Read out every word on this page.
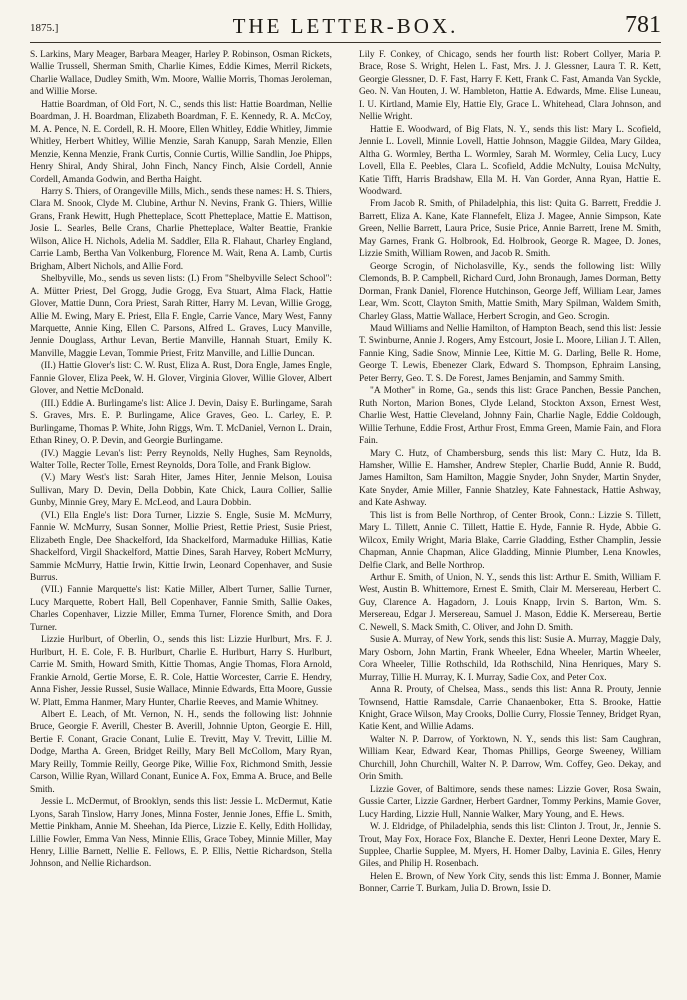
1875.]	THE LETTER-BOX.	781

S. Larkins, Mary Meager, Barbara Meager, Harley P. Robinson, Osman Rickets, Wallie Trussell, Sherman Smith, Charlie Kimes, Eddie Kimes, Merril Rickets, Charlie Wallace, Dudley Smith, Wm. Moore, Wallie Morris, Thomas Jeroleman, and Willie Morse.

Hattie Boardman, of Old Fort, N. C., sends this list: Hattie Boardman, Nellie Boardman, J. H. Boardman, Elizabeth Boardman, F. E. Kennedy, R. A. McCoy, M. A. Pence, N. E. Cordell, R. H. Moore, Ellen Whitley, Eddie Whitley, Jimmie Whitley, Herbert Whitley, Willie Menzie, Sarah Kanupp, Sarah Menzie, Ellen Menzie, Kenna Menzie, Frank Curtis, Connie Curtis, Willie Sandlin, Joe Phipps, Henry Shiral, Andy Shiral, John Finch, Nancy Finch, Alsie Cordell, Annie Cordell, Amanda Godwin, and Bertha Haight.

Harry S. Thiers, of Orangeville Mills, Mich., sends these names: H. S. Thiers, Clara M. Snook, Clyde M. Clubine, Arthur N. Nevins, Frank G. Thiers, Willie Grans, Frank Hewitt, Hugh Phetteplace, Scott Phetteplace, Mattie E. Mattison, Josie L. Searles, Belle Crans, Charlie Phetteplace, Walter Beattie, Frankie Wilson, Alice H. Nichols, Adelia M. Saddler, Ella R. Flahaut, Charley England, Carrie Lamb, Bertha Van Volkenburg, Florence M. Wait, Rena A. Lamb, Curtis Brigham, Albert Nichols, and Allie Ford.

Shelbyville, Mo., sends us seven lists: (I.) From "Shelbyville Select School": A. Mütter Priest, Del Grogg, Judie Grogg, Eva Stuart, Alma Flack, Hattie Glover, Mattie Dunn, Cora Priest, Sarah Ritter, Harry M. Levan, Willie Grogg, Allie M. Ewing, Mary E. Priest, Ella F. Engle, Carrie Vance, Mary West, Fanny Marquette, Annie King, Ellen C. Parsons, Alfred L. Graves, Lucy Manville, Jennie Douglass, Arthur Levan, Bertie Manville, Hannah Stuart, Emily K. Manville, Maggie Levan, Tommie Priest, Fritz Manville, and Lillie Duncan.

(II.) Hattie Glover's list: C. W. Rust, Eliza A. Rust, Dora Engle, James Engle, Fannie Glover, Eliza Peek, W. H. Glover, Virginia Glover, Willie Glover, Albert Glover, and Nettie McDonald.

(III.) Eddie A. Burlingame's list: Alice J. Devin, Daisy E. Burlingame, Sarah S. Graves, Mrs. E. P. Burlingame, Alice Graves, Geo. L. Carley, E. P. Burlingame, Thomas P. White, John Riggs, Wm. T. McDaniel, Vernon L. Drain, Ethan Riney, O. P. Devin, and Georgie Burlingame.

(IV.) Maggie Levan's list: Perry Reynolds, Nelly Hughes, Sam Reynolds, Walter Tolle, Recter Tolle, Ernest Reynolds, Dora Tolle, and Frank Biglow.

(V.) Mary West's list: Sarah Hiter, James Hiter, Jennie Melson, Louisa Sullivan, Mary D. Devin, Della Dobbin, Kate Chick, Laura Collier, Sallie Gunby, Minnie Grey, Mary E. McLeod, and Laura Dobbin.

(VI.) Ella Engle's list: Dora Turner, Lizzie S. Engle, Susie M. McMurry, Fannie W. McMurry, Susan Sonner, Mollie Priest, Rettie Priest, Susie Priest, Elizabeth Engle, Dee Shackelford, Ida Shackelford, Marmaduke Hillias, Katie Shackelford, Virgil Shackelford, Mattie Dines, Sarah Harvey, Robert McMurry, Sammie McMurry, Hattie Irwin, Kittie Irwin, Leonard Copenhaver, and Susie Burrus.

(VII.) Fannie Marquette's list: Katie Miller, Albert Turner, Sallie Turner, Lucy Marquette, Robert Hall, Bell Copenhaver, Fannie Smith, Sallie Oakes, Charles Copenhaver, Lizzie Miller, Emma Turner, Florence Smith, and Dora Turner.

Lizzie Hurlburt, of Oberlin, O., sends this list: Lizzie Hurlburt, Mrs. F. J. Hurlburt, H. E. Cole, F. B. Hurlburt, Charlie E. Hurlburt, Harry S. Hurlburt, Carrie M. Smith, Howard Smith, Kittie Thomas, Angie Thomas, Flora Arnold, Frankie Arnold, Gertie Morse, E. R. Cole, Hattie Worcester, Carrie E. Hendry, Anna Fisher, Jessie Russel, Susie Wallace, Minnie Edwards, Etta Moore, Gussie W. Platt, Emma Hanmer, Mary Hunter, Charlie Reeves, and Mamie Whitney.

Albert E. Leach, of Mt. Vernon, N. H., sends the following list: Johnnie Bruce, Georgie F. Averill, Chester B. Averill, Johnnie Upton, Georgie E. Hill, Bertie F. Conant, Gracie Conant, Lulie E. Trevitt, May V. Trevitt, Lillie M. Dodge, Martha A. Green, Bridget Reilly, Mary Bell McCollom, Mary Ryan, Mary Reilly, Tommie Reilly, George Pike, Willie Fox, Richmond Smith, Jessie Carson, Willie Ryan, Willard Conant, Eunice A. Fox, Emma A. Bruce, and Belle Smith.

Jessie L. McDermut, of Brooklyn, sends this list: Jessie L. McDermut, Katie Lyons, Sarah Tinslow, Harry Jones, Minna Foster, Jennie Jones, Effie L. Smith, Mettie Pinkham, Annie M. Sheehan, Ida Pierce, Lizzie E. Kelly, Edith Holliday, Lillie Fowler, Emma Van Ness, Minnie Ellis, Grace Tobey, Minnie Miller, May Henry, Lillie Barnett, Nellie E. Fellows, E. P. Ellis, Nettie Richardson, Stella Johnson, and Nellie Richardson.

Lily F. Conkey, of Chicago, sends her fourth list: Robert Collyer, Maria P. Brace, Rose S. Wright, Helen L. Fast, Mrs. J. J. Glessner, Laura T. R. Kett, Georgie Glessner, D. F. Fast, Harry F. Kett, Frank C. Fast, Amanda Van Syckle, Geo. N. Van Houten, J. W. Hambleton, Hattie A. Edwards, Mme. Elise Luneau, I. U. Kirtland, Mamie Ely, Hattie Ely, Grace L. Whitehead, Clara Johnson, and Nellie Wright.

Hattie E. Woodward, of Big Flats, N. Y., sends this list: Mary L. Scofield, Jennie L. Lovell, Minnie Lovell, Hattie Johnson, Maggie Gildea, Mary Gildea, Altha G. Wormley, Bertha L. Wormley, Sarah M. Wormley, Celia Lucy, Lucy Lovell, Ella E. Peebles, Clara L. Scofield, Addie McNulty, Louisa McNulty, Katie Tifft, Harris Bradshaw, Ella M. H. Van Gorder, Anna Ryan, Hattie E. Woodward.

From Jacob R. Smith, of Philadelphia, this list: Quita G. Barrett, Freddie J. Barrett, Eliza A. Kane, Kate Flannefelt, Eliza J. Magee, Annie Simpson, Kate Green, Nellie Barrett, Laura Price, Susie Price, Annie Barrett, Irene M. Smith, May Garnes, Frank G. Holbrook, Ed. Holbrook, George R. Magee, D. Jones, Lizzie Smith, William Rowen, and Jacob R. Smith.

George Scrogin, of Nicholasville, Ky., sends the following list: Willy Clemonds, B. P. Campbell, Richard Curd, John Bronaugh, James Dorman, Betty Dorman, Frank Daniel, Florence Hutchinson, George Jeff, William Lear, James Lear, Wm. Scott, Clayton Smith, Mattie Smith, Mary Spilman, Waldem Smith, Charley Glass, Mattie Wallace, Herbert Scrogin, and Geo. Scrogin.

Maud Williams and Nellie Hamilton, of Hampton Beach, send this list: Jessie T. Swinburne, Annie J. Rogers, Amy Estcourt, Josie L. Moore, Lilian J. T. Allen, Fannie King, Sadie Snow, Minnie Lee, Kittie M. G. Darling, Belle R. Home, George T. Lewis, Ebenezer Clark, Edward S. Thompson, Ephraim Lansing, Peter Berry, Geo. T. S. De Forest, James Benjamin, and Sammy Smith.

"A Mother" in Rome, Ga., sends this list: Grace Panchen, Bessie Panchen, Ruth Norton, Marion Bones, Clyde Leland, Stockton Axson, Ernest West, Charlie West, Hattie Cleveland, Johnny Fain, Charlie Nagle, Eddie Coldough, Willie Terhune, Eddie Frost, Arthur Frost, Emma Green, Mamie Fain, and Flora Fain.

Mary C. Hutz, of Chambersburg, sends this list: Mary C. Hutz, Ida B. Hamsher, Willie E. Hamsher, Andrew Stepler, Charlie Budd, Annie R. Budd, James Hamilton, Sam Hamilton, Maggie Snyder, John Snyder, Martin Snyder, Kate Snyder, Amie Miller, Fannie Shatzley, Kate Fahnestack, Hattie Ashway, and Kate Ashway.

This list is from Belle Northrop, of Center Brook, Conn.: Lizzie S. Tillett, Mary L. Tillett, Annie C. Tillett, Hattie E. Hyde, Fannie R. Hyde, Abbie G. Wilcox, Emily Wright, Maria Blake, Carrie Gladding, Esther Champlin, Jessie Chapman, Annie Chapman, Alice Gladding, Minnie Plumber, Lena Knowles, Delfie Clark, and Belle Northrop.

Arthur E. Smith, of Union, N. Y., sends this list: Arthur E. Smith, William F. West, Austin B. Whittemore, Ernest E. Smith, Clair M. Mersereau, Herbert C. Guy, Clarence A. Hagadorn, J. Louis Knapp, Irvin S. Barton, Wm. S. Mersereau, Edgar J. Mersereau, Samuel J. Mason, Eddie K. Mersereau, Bertie C. Newell, S. Mack Smith, C. Oliver, and John D. Smith.

Susie A. Murray, of New York, sends this list: Susie A. Murray, Maggie Daly, Mary Osborn, John Martin, Frank Wheeler, Edna Wheeler, Martin Wheeler, Cora Wheeler, Tillie Rothschild, Ida Rothschild, Nina Henriques, Mary S. Murray, Tillie H. Murray, K. I. Murray, Sadie Cox, and Peter Cox.

Anna R. Prouty, of Chelsea, Mass., sends this list: Anna R. Prouty, Jennie Townsend, Hattie Ramsdale, Carrie Chanaenboker, Etta S. Brooke, Hattie Knight, Grace Wilson, May Crooks, Dollie Curry, Flossie Tenney, Bridget Ryan, Katie Kent, and Willie Adams.

Walter N. P. Darrow, of Yorktown, N. Y., sends this list: Sam Caughran, William Kear, Edward Kear, Thomas Phillips, George Sweeney, William Churchill, John Churchill, Walter N. P. Darrow, Wm. Coffey, Geo. Dekay, and Orin Smith.

Lizzie Gover, of Baltimore, sends these names: Lizzie Gover, Rosa Swain, Gussie Carter, Lizzie Gardner, Herbert Gardner, Tommy Perkins, Mamie Gover, Lucy Harding, Lizzie Hull, Nannie Walker, Mary Young, and E. Hews.

W. J. Eldridge, of Philadelphia, sends this list: Clinton J. Trout, Jr., Jennie S. Trout, May Fox, Horace Fox, Blanche E. Dexter, Henri Leone Dexter, Mary E. Supplee, Charlie Supplee, M. Myers, H. Homer Dalby, Lavinia E. Giles, Henry Giles, and Philip H. Rosenbach.

Helen E. Brown, of New York City, sends this list: Emma J. Bonner, Mamie Bonner, Carrie T. Burkam, Julia D. Brown, Issie D.
